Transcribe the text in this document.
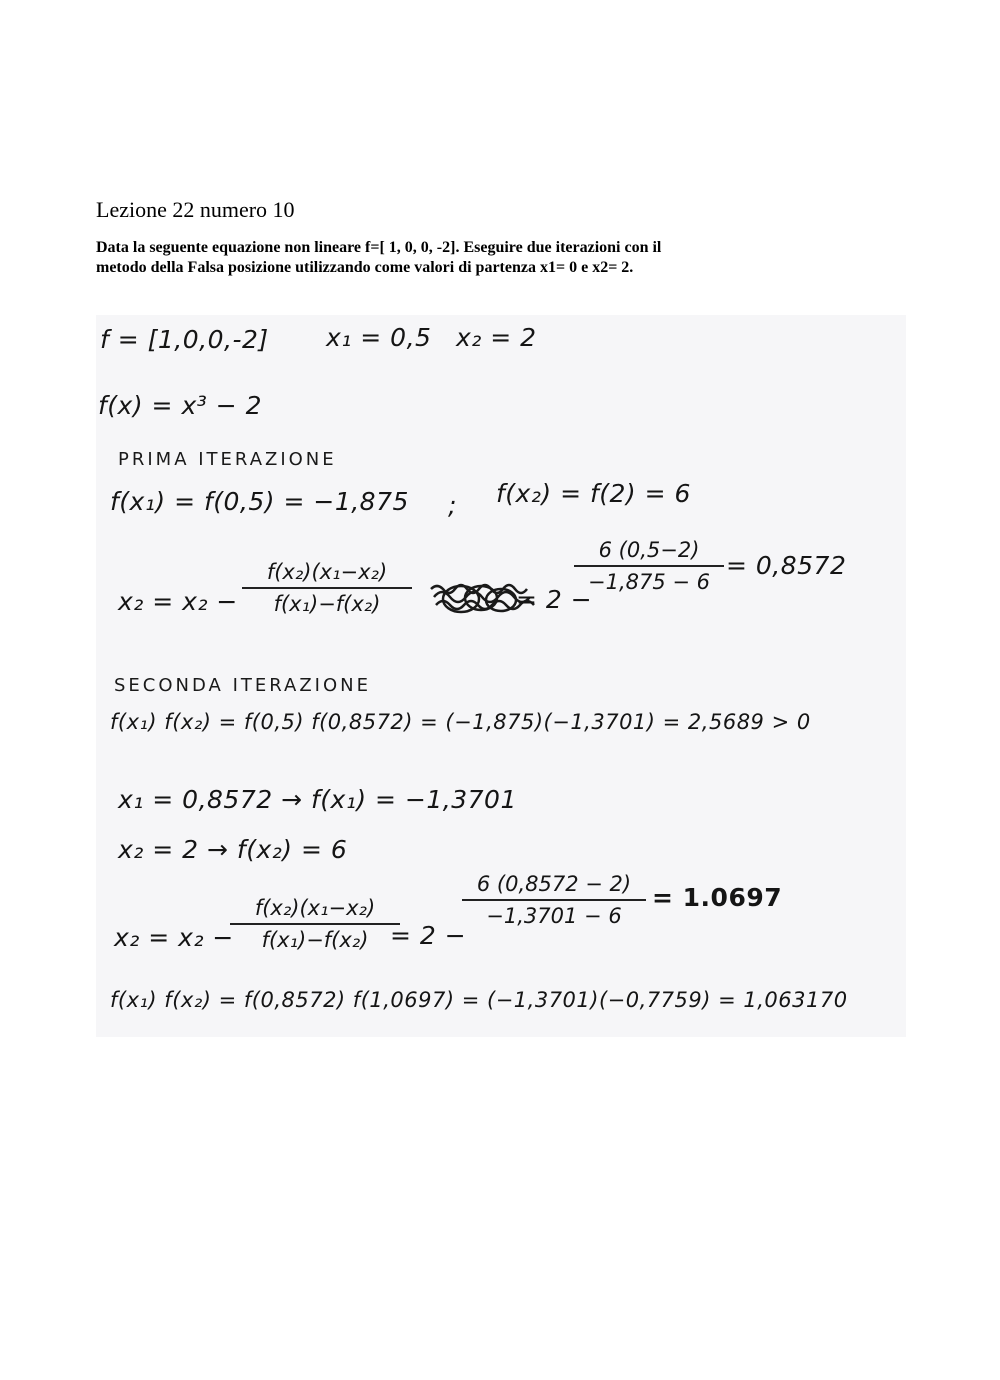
Lezione 22 numero 10

Data la seguente equazione non lineare f=[ 1, 0, 0, -2]. Eseguire due iterazioni con il
metodo della Falsa posizione utilizzando come valori di partenza x1= 0 e x2= 2.

f = [1,0,0,-2] x₁ = 0,5 x₂ = 2
f(x) = x³ − 2
PRIMA ITERAZIONE
f(x₁) = f(0,5) = −1,875 ; f(x₂) = f(2) = 6
x₂ = x₂ −
f(x₂)(x₁−x₂)
f(x₁)−f(x₂)	= 2 −
6 (0,5−2)
−1,875 − 6
= 0,8572
SECONDA ITERAZIONE
f(x₁) f(x₂) = f(0,5) f(0,8572) = (−1,875)(−1,3701) = 2,5689 > 0
x₁ = 0,8572 → f(x₁) = −1,3701
x₂ = 2 → f(x₂) = 6
x₂ = x₂ −
f(x₂)(x₁−x₂)
f(x₁)−f(x₂) = 2 −
6 (0,8572 − 2)
−1,3701 − 6
= 1.0697
f(x₁) f(x₂) = f(0,8572) f(1,0697) = (−1,3701)(−0,7759) = 1,063170
